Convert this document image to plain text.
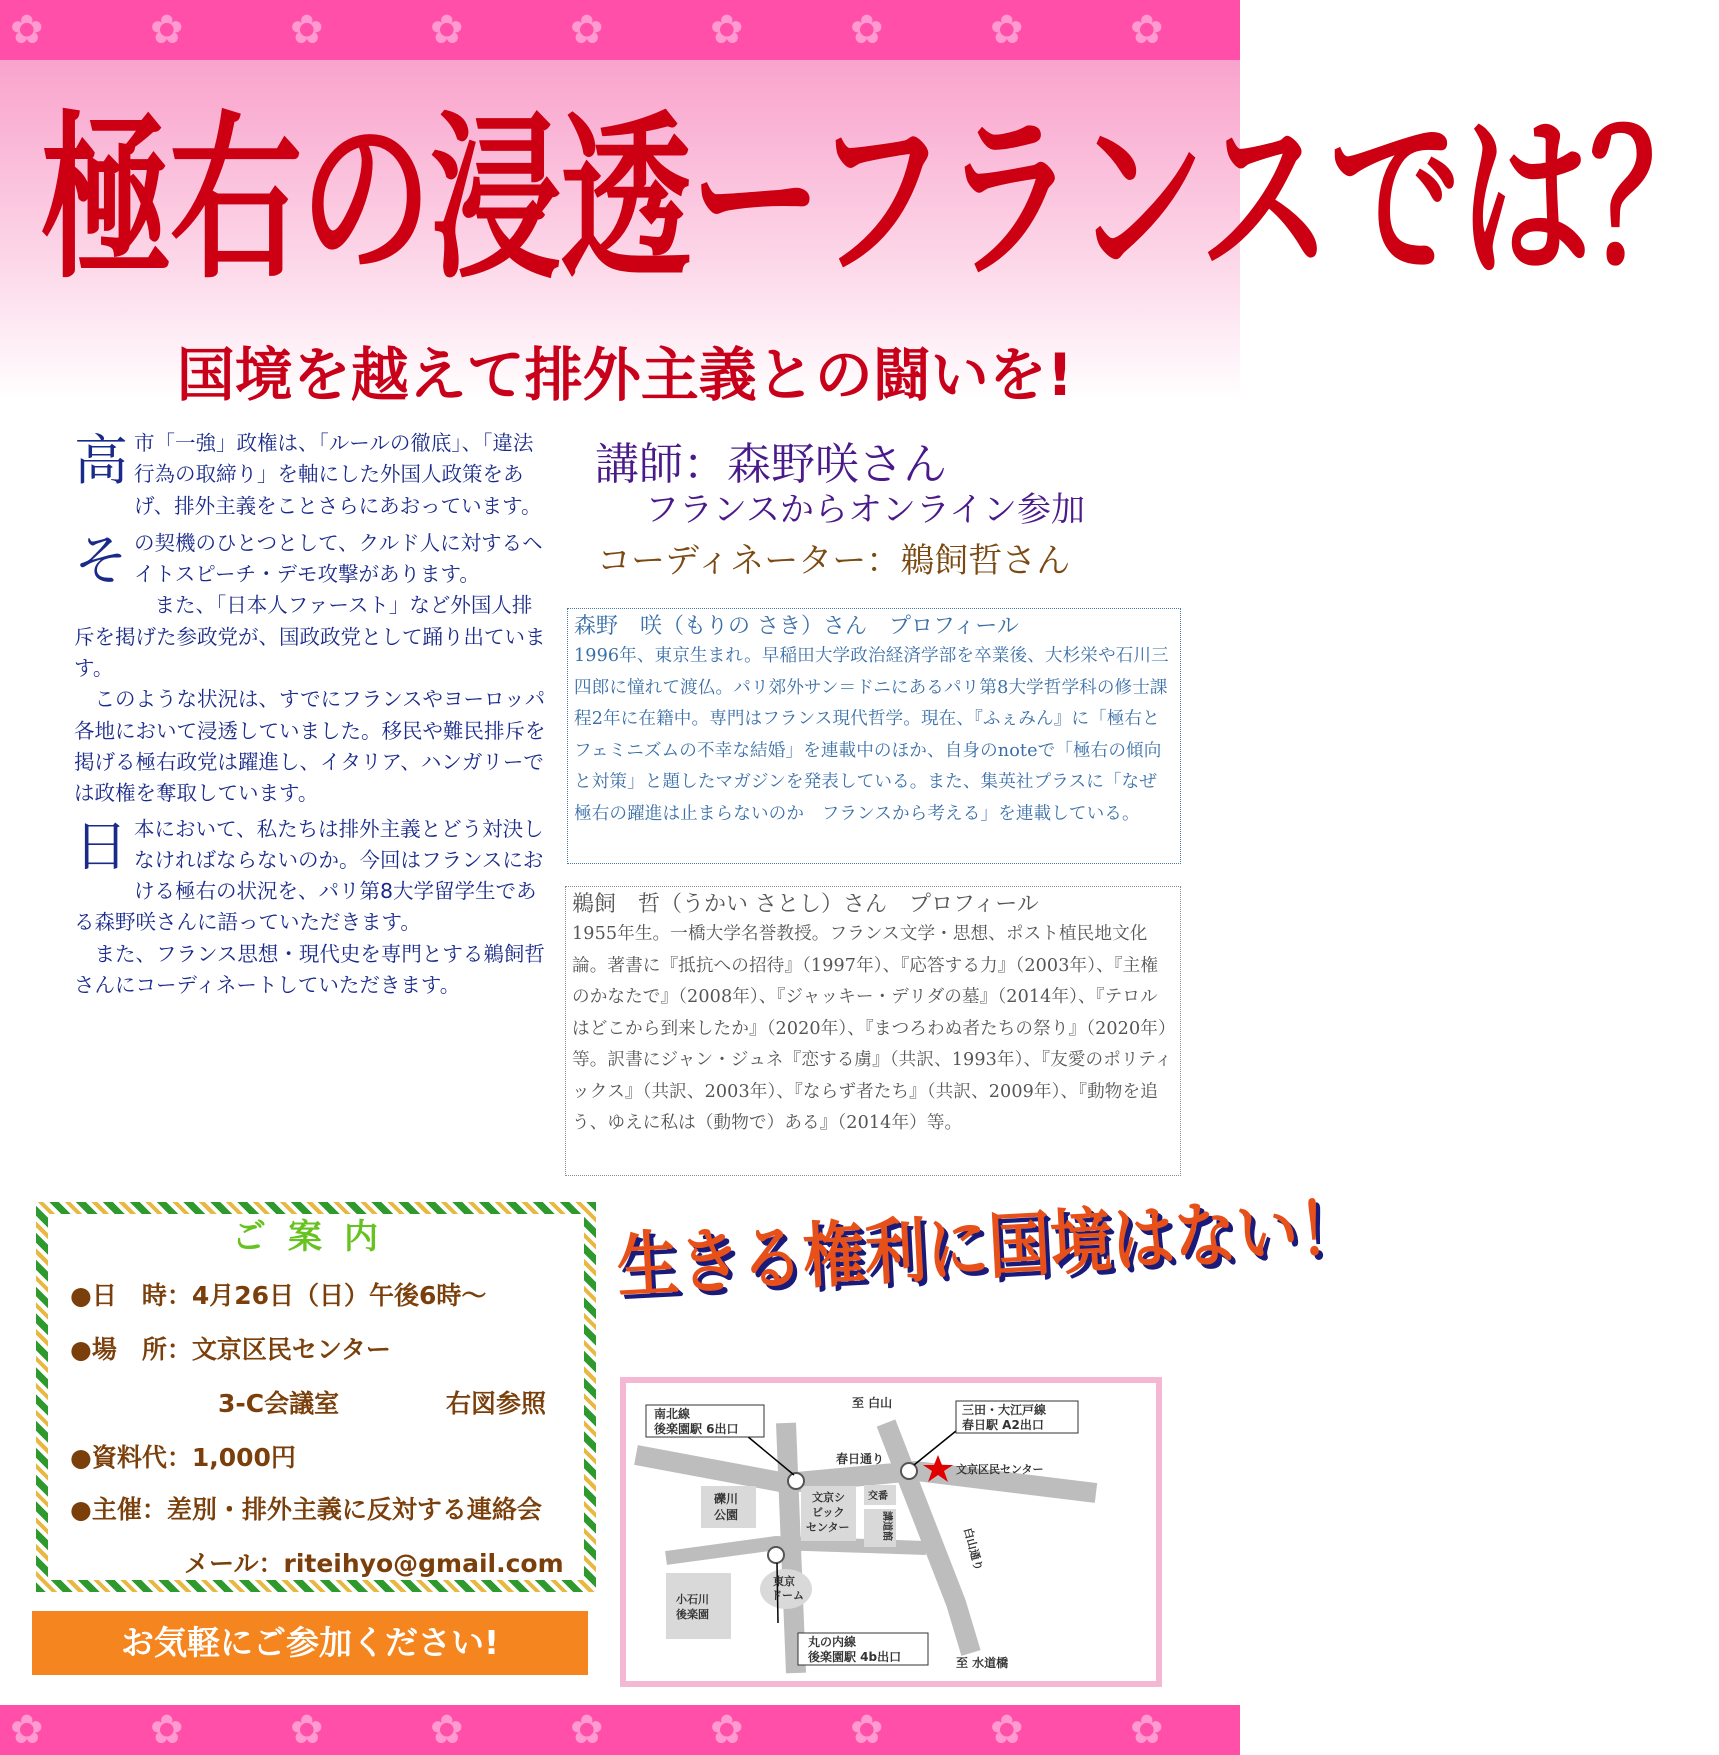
✿	✿	✿	✿	✿	✿	✿	✿	✿
極右の浸透ーフランスでは？
国境を越えて排外主義との闘いを!

高市「一強」政権は、「ルールの徹底」、「違法行為の取締り」を軸にした外国人政策をあげ、排外主義をことさらにあおっています。

その契機のひとつとして、クルド人に対するヘイトスピーチ・デモ攻撃があります。

また、「日本人ファースト」など外国人排斥を掲げた参政党が、国政政党として踊り出ています。

このような状況は、すでにフランスやヨーロッパ各地において浸透していました。移民や難民排斥を掲げる極右政党は躍進し、イタリア、ハンガリーでは政権を奪取しています。

日本において、私たちは排外主義とどう対決しなければならないのか。今回はフランスにおける極右の状況を、パリ第8大学留学生である森野咲さんに語っていただきます。

また、フランス思想・現代史を専門とする鵜飼哲さんにコーディネートしていただきます。

講師：森野咲さん

フランスからオンライン参加

コーディネーター：鵜飼哲さん

森野　咲（もりの さき）さん　プロフィール
1996年、東京生まれ。早稲田大学政治経済学部を卒業後、大杉栄や石川三四郎に憧れて渡仏。パリ郊外サン＝ドニにあるパリ第8大学哲学科の修士課程2年に在籍中。専門はフランス現代哲学。現在、『ふぇみん』に「極右とフェミニズムの不幸な結婚」を連載中のほか、自身のnoteで「極右の傾向と対策」と題したマガジンを発表している。また、集英社プラスに「なぜ極右の躍進は止まらないのか　フランスから考える」を連載している。
鵜飼　哲（うかい さとし）さん　プロフィール
1955年生。一橋大学名誉教授。フランス文学・思想、ポスト植民地文化論。著書に『抵抗への招待』（1997年）、『応答する力』（2003年）、『主権のかなたで』（2008年）、『ジャッキー・デリダの墓』（2014年）、『テロルはどこから到来したか』（2020年）、『まつろわぬ者たちの祭り』（2020年）等。訳書にジャン・ジュネ『恋する虜』（共訳、1993年）、『友愛のポリティックス』（共訳、2003年）、『ならず者たち』（共訳、2009年）、『動物を追う、ゆえに私は（動物で）ある』（2014年）等。

ご案内

●日　時：4月26日（日）午後6時～

●場　所：文京区民センター

3-C会議室	右図参照

●資料代：1,000円

●主催：差別・排外主義に反対する連絡会

メール：riteihyo@gmail.com

お気軽にご参加ください!

生きる権利に国境はない！

至 白山
至 水道橋
南北線
後楽園駅 6出口
三田・大江戸線
春日駅 A2出口
丸の内線
後楽園駅 4b出口
文京区民センター
春日通り
白山通り
礫川
公園
文京シ
ビック
センター
交番
講道館
東京
ドーム
小石川
後楽園
✿	✿	✿	✿	✿	✿	✿	✿	✿
